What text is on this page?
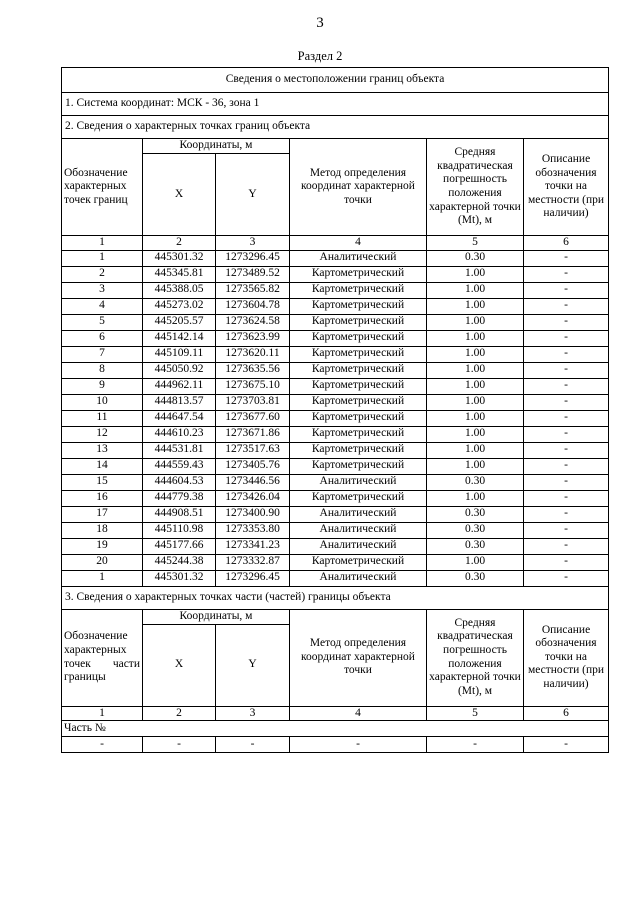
3
Раздел 2
Сведения о местоположении границ объекта					
1. Система координат: МСК - 36, зона 1					
2. Сведения о характерных точках границ объекта					
Обозначение характерных точек границ	Координаты, м		Метод определения координат характерной точки	Средняя квадратическая погрешность положения характерной точки (Mt), м	Описание обозначения точки на местности (при наличии)
	X	Y			
1	2	3	4	5	6
1	445301.32	1273296.45	Аналитический	0.30	-
2	445345.81	1273489.52	Картометрический	1.00	-
3	445388.05	1273565.82	Картометрический	1.00	-
4	445273.02	1273604.78	Картометрический	1.00	-
5	445205.57	1273624.58	Картометрический	1.00	-
6	445142.14	1273623.99	Картометрический	1.00	-
7	445109.11	1273620.11	Картометрический	1.00	-
8	445050.92	1273635.56	Картометрический	1.00	-
9	444962.11	1273675.10	Картометрический	1.00	-
10	444813.57	1273703.81	Картометрический	1.00	-
11	444647.54	1273677.60	Картометрический	1.00	-
12	444610.23	1273671.86	Картометрический	1.00	-
13	444531.81	1273517.63	Картометрический	1.00	-
14	444559.43	1273405.76	Картометрический	1.00	-
15	444604.53	1273446.56	Аналитический	0.30	-
16	444779.38	1273426.04	Картометрический	1.00	-
17	444908.51	1273400.90	Аналитический	0.30	-
18	445110.98	1273353.80	Аналитический	0.30	-
19	445177.66	1273341.23	Аналитический	0.30	-
20	445244.38	1273332.87	Картометрический	1.00	-
1	445301.32	1273296.45	Аналитический	0.30	-
3. Сведения о характерных точках части (частей) границы объекта					
Обозначение характерных точек части границы	Координаты, м		Метод определения координат характерной точки	Средняя квадратическая погрешность положения характерной точки (Mt), м	Описание обозначения точки на местности (при наличии)
	X	Y			
1	2	3	4	5	6
Часть №					
-	-	-	-	-	-
